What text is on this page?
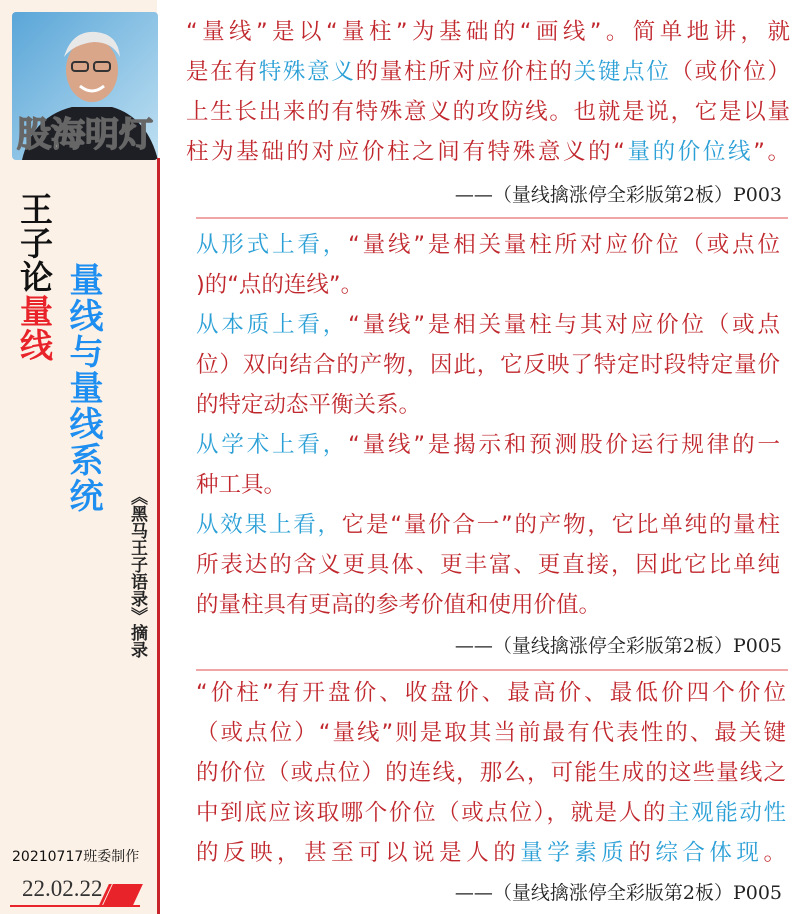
王子论量线 量线与量线系统
《黑马王子语录》摘录
20210717班委制作
22.02.22
“量线”是以“量柱”为基础的“画线”。简单地讲，就
是在有特殊意义的量柱所对应价柱的关键点位（或价位）
上生长出来的有特殊意义的攻防线。也就是说，它是以量
柱为基础的对应价柱之间有特殊意义的“量的价位线”。
——（量线擒涨停全彩版第2板）P003
从形式上看，“量线”是相关量柱所对应价位（或点位
)的“点的连线”。
从本质上看，“量线”是相关量柱与其对应价位（或点
位）双向结合的产物，因此，它反映了特定时段特定量价
的特定动态平衡关系。
从学术上看，“量线”是揭示和预测股价运行规律的一
种工具。
从效果上看，它是“量价合一”的产物，它比单纯的量柱
所表达的含义更具体、更丰富、更直接，因此它比单纯
的量柱具有更高的参考价值和使用价值。
——（量线擒涨停全彩版第2板）P005
“价柱”有开盘价、收盘价、最高价、最低价四个价位
（或点位）“量线”则是取其当前最有代表性的、最关键
的价位（或点位）的连线，那么，可能生成的这些量线之
中到底应该取哪个价位（或点位），就是人的主观能动性
的反映，甚至可以说是人的量学素质的综合体现。
——（量线擒涨停全彩版第2板）P005
股海明灯
